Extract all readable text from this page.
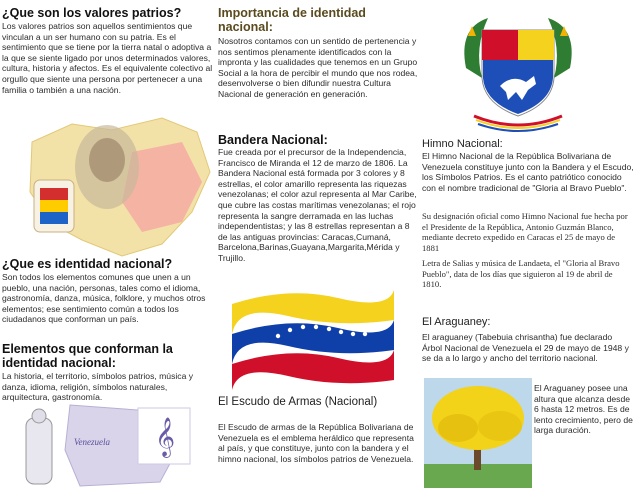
¿Que son los valores patrios?

Los valores patrios son aquellos sentimientos que vinculan a un ser humano con su patria. Es el sentimiento que se tiene por la tierra natal o adoptiva a la que se siente ligado por unos determinados valores, cultura, historia y afectos. Es el equivalente colectivo al orgullo que siente una persona por pertenecer a una familia o también a una nación.

¿Que es identidad nacional?

Son todos los elementos comunes que unen a un pueblo, una nación, personas, tales como el idioma, gastronomía, danza, música, folklore, y muchos otros elementos; ese sentimiento común a todos los ciudadanos que conforman un país.

Elementos que conforman la identidad nacional:

La historia, el territorio, símbolos patrios, música y danza, idioma, religión, símbolos naturales, arquitectura, gastronomía.

𝄞
Venezuela
Importancia de identidad nacional:

Nosotros contamos con un sentido de pertenencia y nos sentimos plenamente identificados con la impronta y las cualidades que tenemos en un Grupo Social a la hora de percibir el mundo que nos rodea, desenvolverse o bien difundir nuestra Cultura Nacional de generación en generación.

Bandera Nacional:

Fue creada por el precursor de la Independencia, Francisco de Miranda el 12 de marzo de 1806. La Bandera Nacional está formada por 3 colores y 8 estrellas, el color amarillo representa las riquezas venezolanas; el color azul representa al Mar Caribe, que cubre las costas marítimas venezolanas; el rojo representa la sangre derramada en las luchas independentistas; y las 8 estrellas representan a 8 de las antiguas provincias: Caracas,Cumaná, Barcelona,Barinas,Guayana,Margarita,Mérida y Trujillo.

El Escudo de Armas (Nacional)

El Escudo de armas de la República Bolivariana de Venezuela es el emblema heráldico que representa al país, y que constituye, junto con la bandera y el himno nacional, los símbolos patrios de Venezuela.

Himno Nacional:

El Himno Nacional de la República Bolivariana de Venezuela constituye junto con la Bandera y el Escudo, los Símbolos Patrios. Es el canto patriótico conocido con el nombre tradicional de "Gloria al Bravo Pueblo".

Su designación oficial como Himno Nacional fue hecha por el Presidente de la República, Antonio Guzmán Blanco, mediante decreto expedido en Caracas el 25 de mayo de 1881

Letra de Salias y música de Landaeta, el "Gloria al Bravo Pueblo", data de los días que siguieron al 19 de abril de 1810.

El Araguaney:

El araguaney (Tabebuia chrisantha) fue declarado Árbol Nacional de Venezuela el 29 de mayo de 1948 y se da a lo largo y ancho del territorio nacional.

El Araguaney posee una altura que alcanza desde 6 hasta 12 metros. Es de lento crecimiento, pero de larga duración.
